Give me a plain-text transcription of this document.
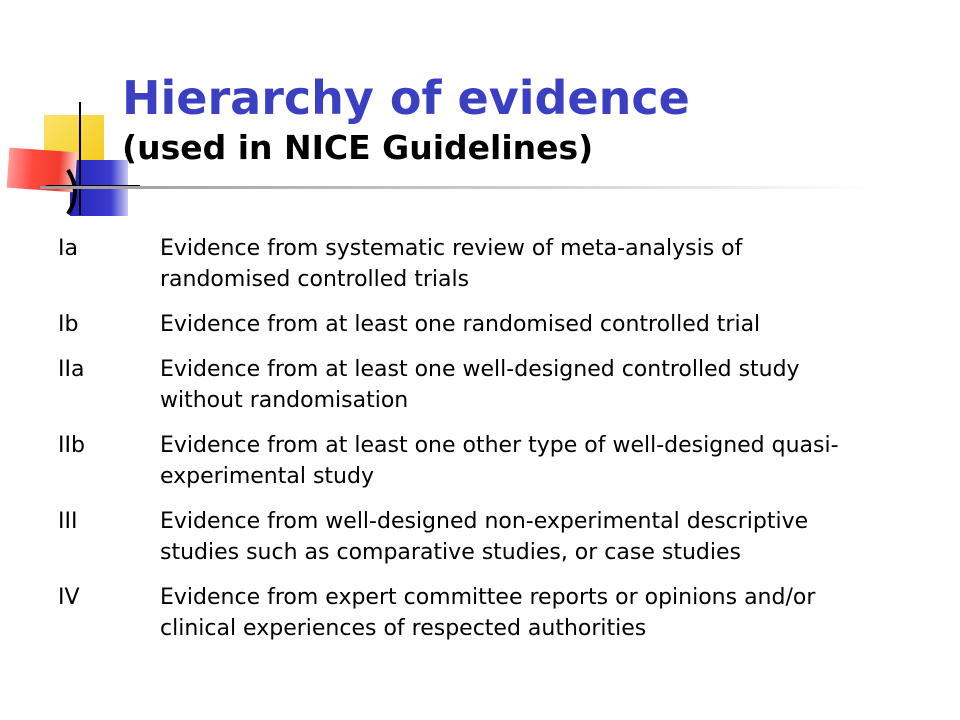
Hierarchy of evidence
(used in NICE Guidelines)
Ia	Evidence from systematic review of meta-analysis of
randomised controlled trials
Ib	Evidence from at least one randomised controlled trial
IIa	Evidence from at least one well-designed controlled study
without randomisation
IIb	Evidence from at least one other type of well-designed quasi-
experimental study
III	Evidence from well-designed non-experimental descriptive
studies such as comparative studies, or case studies
IV	Evidence from expert committee reports or opinions and/or
clinical experiences of respected authorities
